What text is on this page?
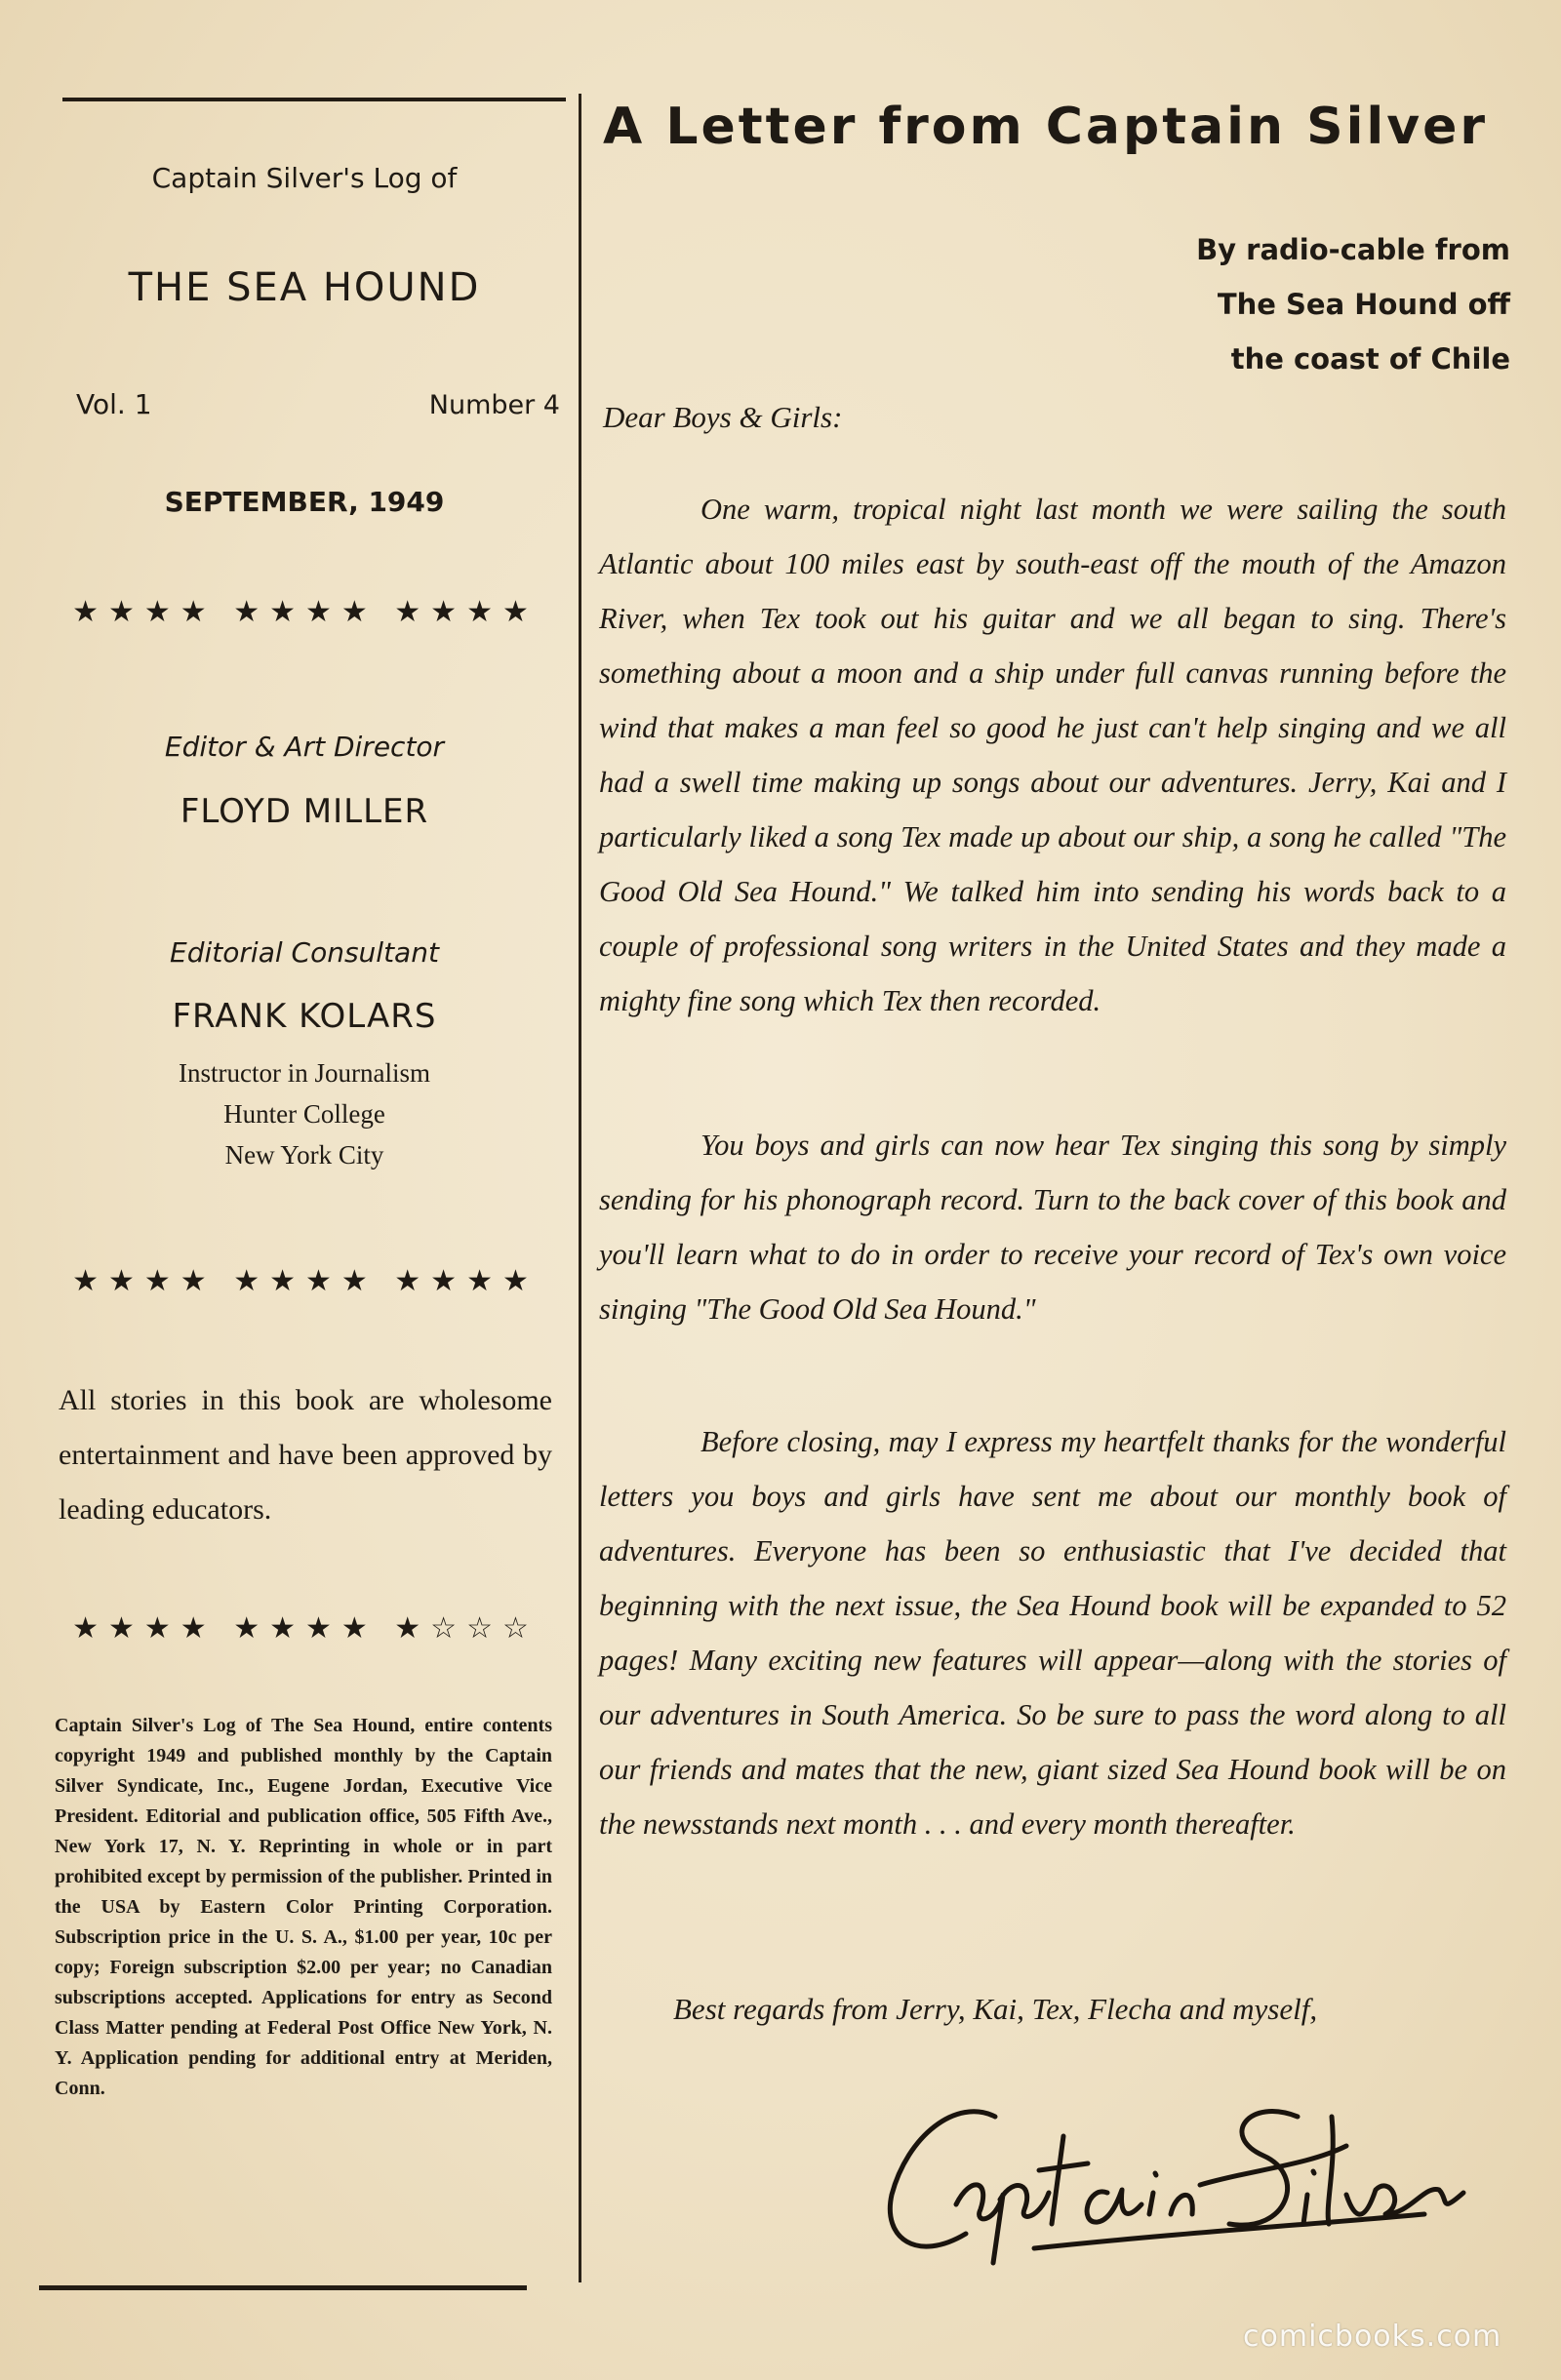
Captain Silver's Log of
THE SEA HOUND
Vol. 1	Number 4
SEPTEMBER, 1949
★★★★ ★★★★ ★★★★
Editor & Art Director
FLOYD MILLER
Editorial Consultant
FRANK KOLARS
Instructor in Journalism
Hunter College
New York City
★★★★ ★★★★ ★★★★
All stories in this book are wholesome entertainment and have been approved by leading educators.
★★★★ ★★★★ ★☆☆☆
Captain Silver's Log of The Sea Hound, entire contents copyright 1949 and published monthly by the Captain Silver Syndicate, Inc., Eugene Jordan, Executive Vice President. Editorial and publication office, 505 Fifth Ave., New York 17, N. Y. Reprinting in whole or in part prohibited except by permission of the publisher. Printed in the USA by Eastern Color Printing Corporation. Subscription price in the U. S. A., $1.00 per year, 10c per copy; Foreign subscription $2.00 per year; no Canadian subscriptions accepted. Applications for entry as Second Class Matter pending at Federal Post Office New York, N. Y. Application pending for additional entry at Meriden, Conn.
A Letter from Captain Silver
By radio-cable from
The Sea Hound off
the coast of Chile
Dear Boys & Girls:
One warm, tropical night last month we were sailing the south Atlantic about 100 miles east by south-east off the mouth of the Amazon River, when Tex took out his guitar and we all began to sing. There's something about a moon and a ship under full canvas running before the wind that makes a man feel so good he just can't help singing and we all had a swell time making up songs about our adventures. Jerry, Kai and I particularly liked a song Tex made up about our ship, a song he called "The Good Old Sea Hound." We talked him into sending his words back to a couple of professional song writers in the United States and they made a mighty fine song which Tex then recorded.
You boys and girls can now hear Tex singing this song by simply sending for his phonograph record. Turn to the back cover of this book and you'll learn what to do in order to receive your record of Tex's own voice singing "The Good Old Sea Hound."
Before closing, may I express my heartfelt thanks for the wonderful letters you boys and girls have sent me about our monthly book of adventures. Everyone has been so enthusiastic that I've decided that beginning with the next issue, the Sea Hound book will be expanded to 52 pages! Many exciting new features will appear—along with the stories of our adventures in South America. So be sure to pass the word along to all our friends and mates that the new, giant sized Sea Hound book will be on the newsstands next month . . . and every month thereafter.
Best regards from Jerry, Kai, Tex, Flecha and myself,
comicbooks.com
